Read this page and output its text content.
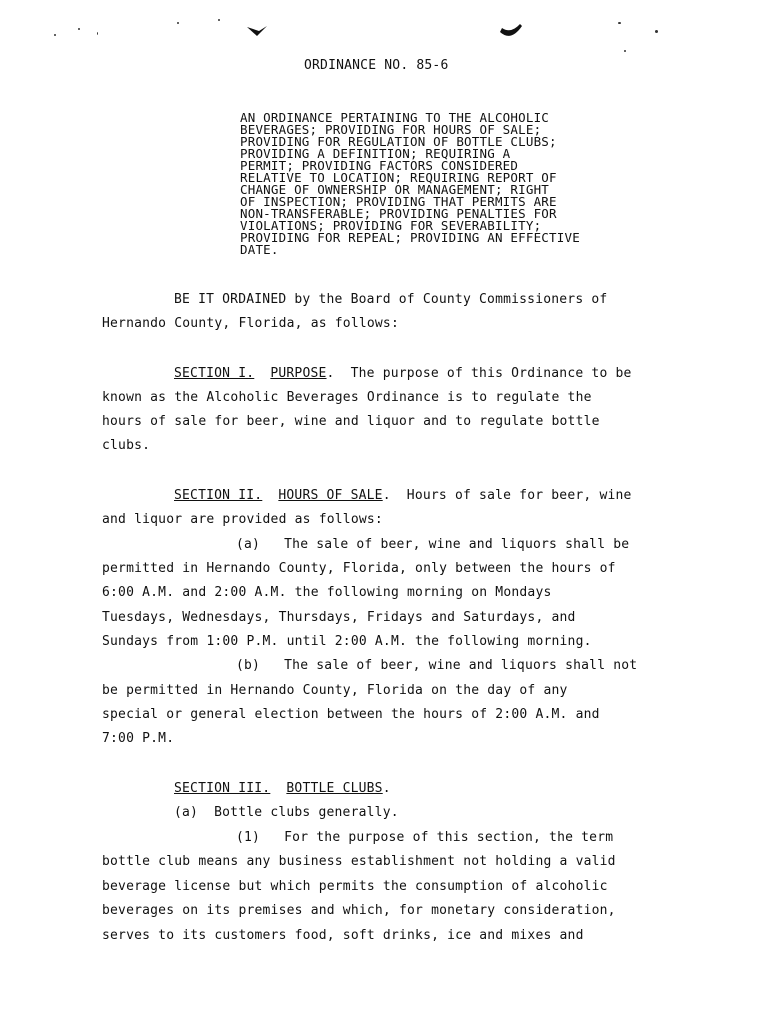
ORDINANCE NO. 85-6
AN ORDINANCE PERTAINING TO THE ALCOHOLIC
BEVERAGES; PROVIDING FOR HOURS OF SALE;
PROVIDING FOR REGULATION OF BOTTLE CLUBS;
PROVIDING A DEFINITION; REQUIRING A
PERMIT; PROVIDING FACTORS CONSIDERED
RELATIVE TO LOCATION; REQUIRING REPORT OF
CHANGE OF OWNERSHIP OR MANAGEMENT; RIGHT
OF INSPECTION; PROVIDING THAT PERMITS ARE
NON-TRANSFERABLE; PROVIDING PENALTIES FOR
VIOLATIONS; PROVIDING FOR SEVERABILITY;
PROVIDING FOR REPEAL; PROVIDING AN EFFECTIVE
DATE.
BE IT ORDAINED by the Board of County Commissioners of
Hernando County, Florida, as follows:
SECTION I. PURPOSE.  The purpose of this Ordinance to be
known as the Alcoholic Beverages Ordinance is to regulate the
hours of sale for beer, wine and liquor and to regulate bottle
clubs.
SECTION II. HOURS OF SALE.  Hours of sale for beer, wine
and liquor are provided as follows:
(a)   The sale of beer, wine and liquors shall be
permitted in Hernando County, Florida, only between the hours of
6:00 A.M. and 2:00 A.M. the following morning on Mondays
Tuesdays, Wednesdays, Thursdays, Fridays and Saturdays, and
Sundays from 1:00 P.M. until 2:00 A.M. the following morning.
(b)   The sale of beer, wine and liquors shall not
be permitted in Hernando County, Florida on the day of any
special or general election between the hours of 2:00 A.M. and
7:00 P.M.
SECTION III. BOTTLE CLUBS.
(a)  Bottle clubs generally.
(1)   For the purpose of this section, the term
bottle club means any business establishment not holding a valid
beverage license but which permits the consumption of alcoholic
beverages on its premises and which, for monetary consideration,
serves to its customers food, soft drinks, ice and mixes and
